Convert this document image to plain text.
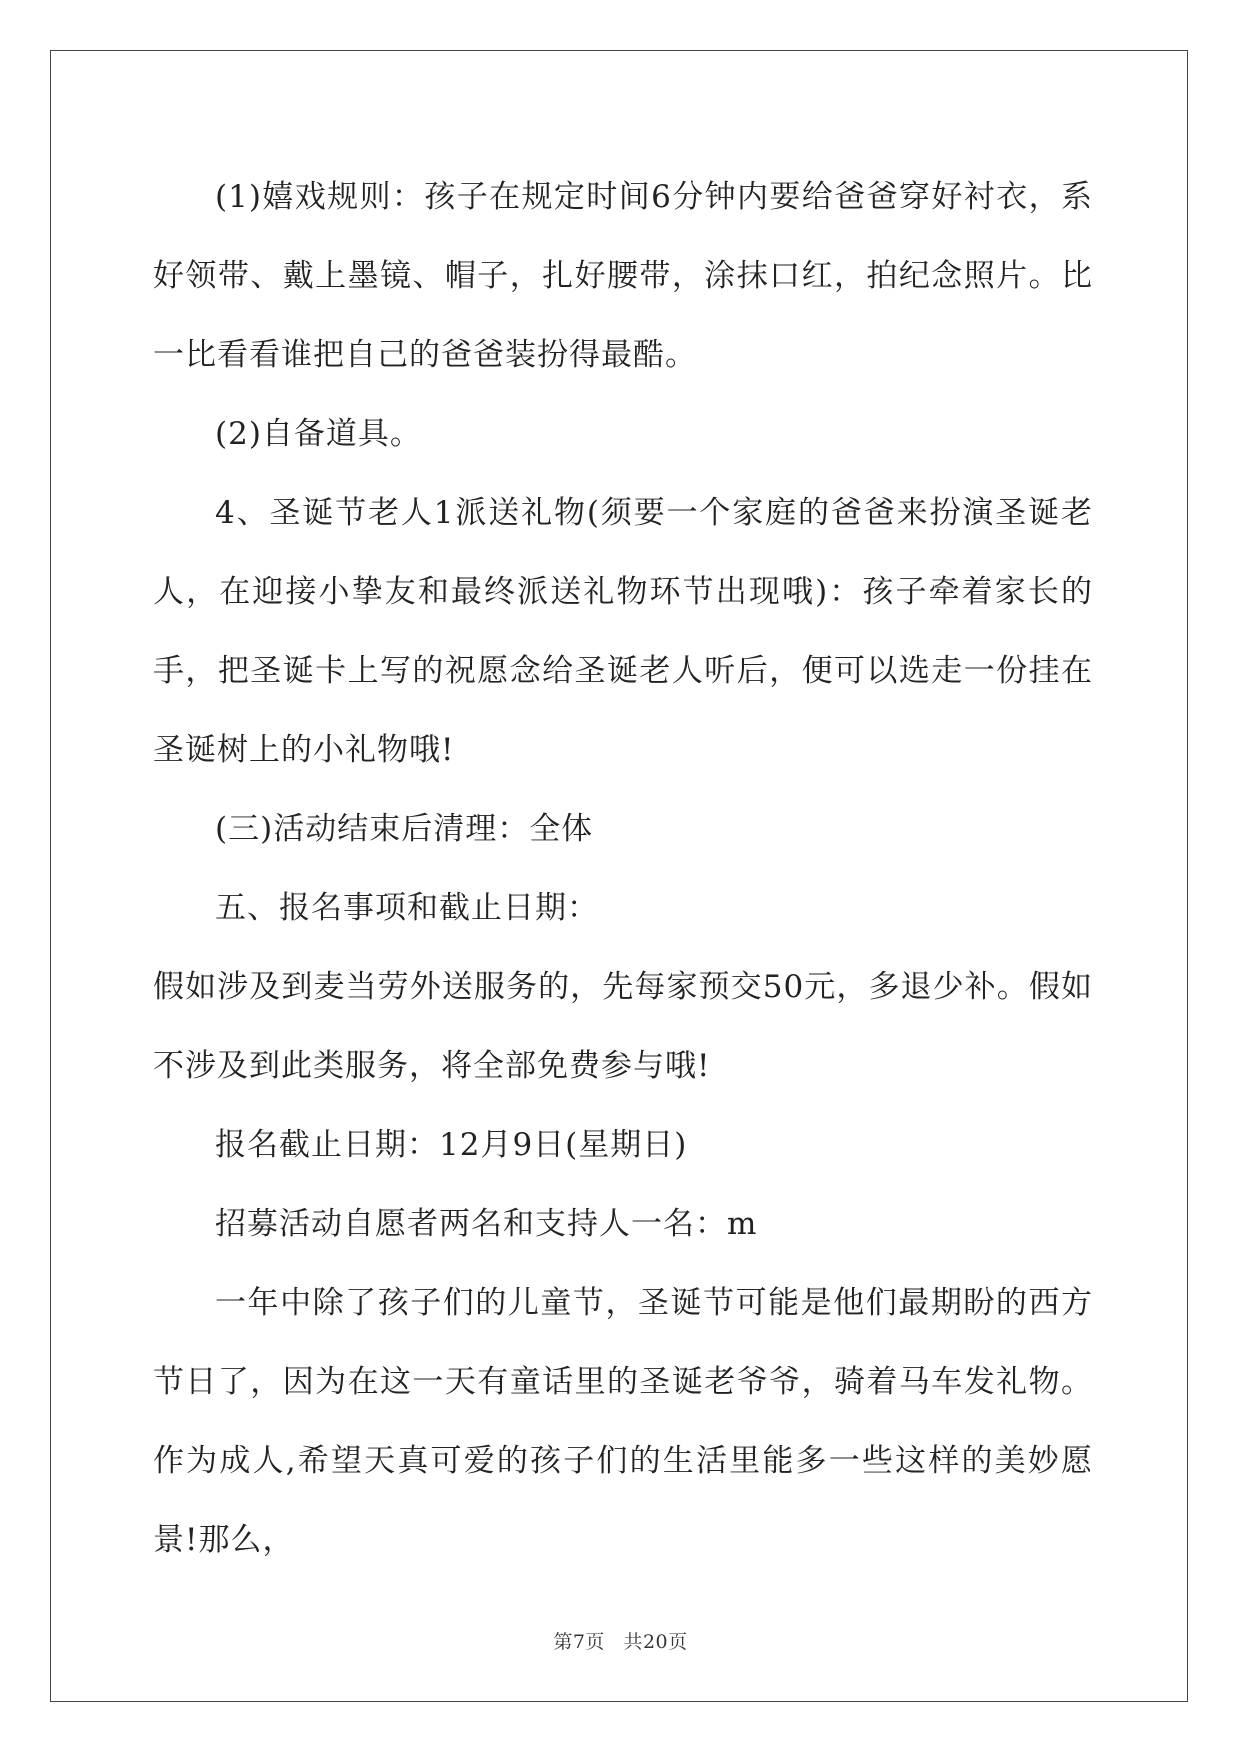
(1)嬉戏规则：孩子在规定时间6分钟内要给爸爸穿好衬衣，系好领带、戴上墨镜、帽子，扎好腰带，涂抹口红，拍纪念照片。比一比看看谁把自己的爸爸装扮得最酷。

(2)自备道具。

4、圣诞节老人1派送礼物(须要一个家庭的爸爸来扮演圣诞老人，在迎接小挚友和最终派送礼物环节出现哦)：孩子牵着家长的手，把圣诞卡上写的祝愿念给圣诞老人听后，便可以选走一份挂在圣诞树上的小礼物哦!

(三)活动结束后清理：全体

五、报名事项和截止日期：

假如涉及到麦当劳外送服务的，先每家预交50元，多退少补。假如不涉及到此类服务，将全部免费参与哦!

报名截止日期：12月9日(星期日)

招募活动自愿者两名和支持人一名：m

一年中除了孩子们的儿童节，圣诞节可能是他们最期盼的西方节日了，因为在这一天有童话里的圣诞老爷爷，骑着马车发礼物。作为成人,希望天真可爱的孩子们的生活里能多一些这样的美妙愿景!那么，

第7页 共20页
